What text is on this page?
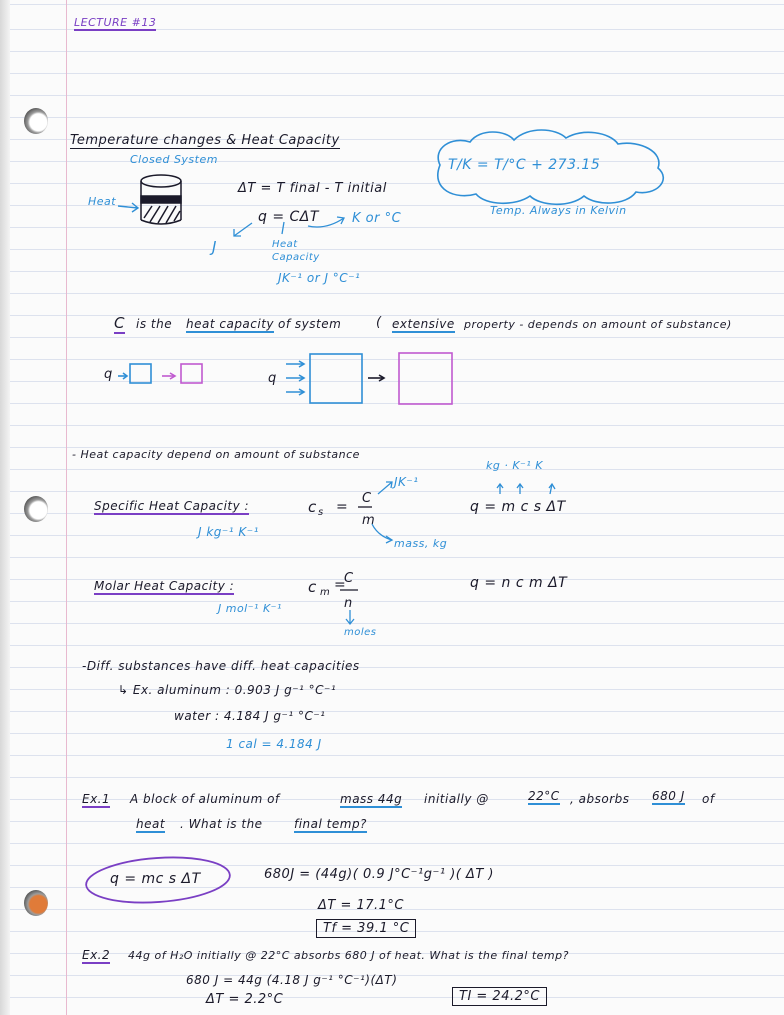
LECTURE #13
Temperature changes & Heat Capacity
Closed System
Heat
ΔT = T final - T initial
q = CΔT	K or °C
J	Heat Capacity
JK⁻¹ or J °C⁻¹
T/K = T/°C + 273.15
Temp. Always in Kelvin
C is the heat capacity of system	( extensive property - depends on amount of substance)
q	q
- Heat capacity depend on amount of substance
Specific Heat Capacity :	c s =
C
m
JK⁻¹
J kg⁻¹ K⁻¹
mass, kg
q = m c s ΔT
kg · K⁻¹ K
Molar Heat Capacity :	c m =
C
n
J mol⁻¹ K⁻¹
moles
q = n c m ΔT
-Diff. substances have diff. heat capacities
↳ Ex. aluminum : 0.903 J g⁻¹ °C⁻¹
water : 4.184 J g⁻¹ °C⁻¹
1 cal = 4.184 J
Ex.1 A block of aluminum of	mass 44g initially @	22°C , absorbs 680 J of
heat . What is the	final temp?
q = mc s ΔT	680J = (44g)( 0.9 J°C⁻¹g⁻¹ )( ΔT )
ΔT = 17.1°C
Tf = 39.1 °C
Ex.2 44g of H₂O initially @ 22°C absorbs 680 J of heat. What is the final temp?
680 J = 44g (4.18 J g⁻¹ °C⁻¹)(ΔT)
ΔT = 2.2°C	TI = 24.2°C
